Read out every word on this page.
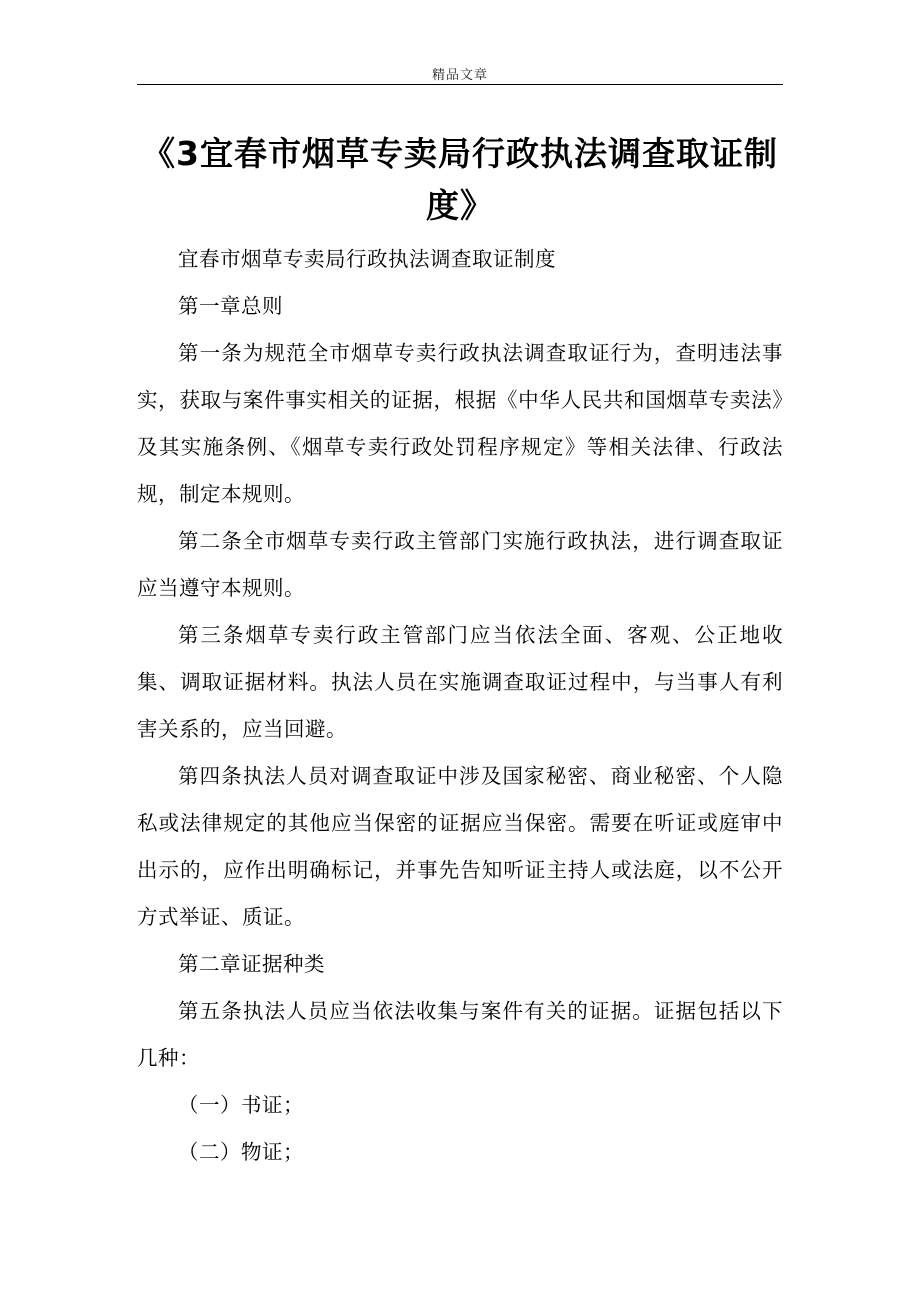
精品文章
《3宜春市烟草专卖局行政执法调查取证制度》

宜春市烟草专卖局行政执法调查取证制度

第一章总则

第一条为规范全市烟草专卖行政执法调查取证行为，查明违法事实，获取与案件事实相关的证据，根据《中华人民共和国烟草专卖法》及其实施条例、《烟草专卖行政处罚程序规定》等相关法律、行政法规，制定本规则。

第二条全市烟草专卖行政主管部门实施行政执法，进行调查取证应当遵守本规则。

第三条烟草专卖行政主管部门应当依法全面、客观、公正地收集、调取证据材料。执法人员在实施调查取证过程中，与当事人有利害关系的，应当回避。

第四条执法人员对调查取证中涉及国家秘密、商业秘密、个人隐私或法律规定的其他应当保密的证据应当保密。需要在听证或庭审中出示的，应作出明确标记，并事先告知听证主持人或法庭，以不公开方式举证、质证。

第二章证据种类

第五条执法人员应当依法收集与案件有关的证据。证据包括以下几种：

（一）书证；

（二）物证；
